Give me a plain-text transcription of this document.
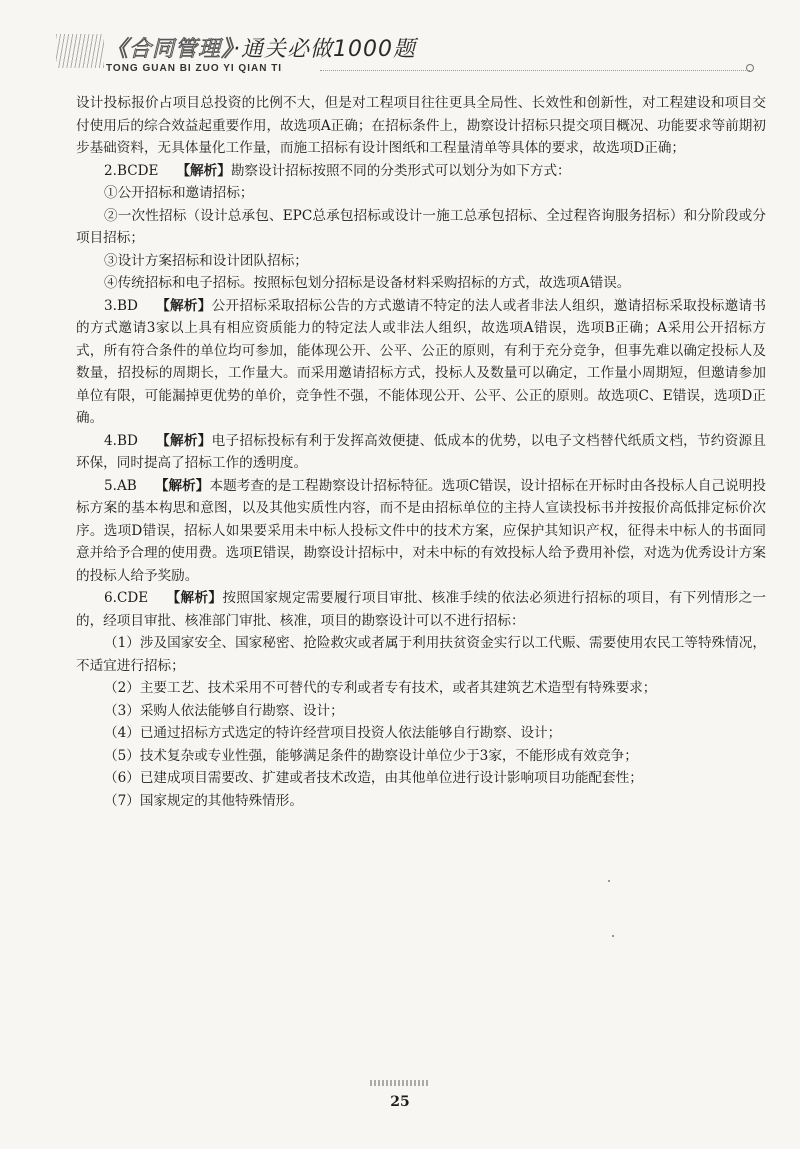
《合同管理》·通关必做1000题
TONG GUAN BI ZUO YI QIAN TI

设计投标报价占项目总投资的比例不大，但是对工程项目往往更具全局性、长效性和创新性，对工程建设和项目交付使用后的综合效益起重要作用，故选项A正确；在招标条件上，勘察设计招标只提交项目概况、功能要求等前期初步基础资料，无具体量化工作量，而施工招标有设计图纸和工程量清单等具体的要求，故选项D正确；

2.BCDE 【解析】勘察设计招标按照不同的分类形式可以划分为如下方式：

①公开招标和邀请招标；

②一次性招标（设计总承包、EPC总承包招标或设计一施工总承包招标、全过程咨询服务招标）和分阶段或分项目招标；

③设计方案招标和设计团队招标；

④传统招标和电子招标。按照标包划分招标是设备材料采购招标的方式，故选项A错误。

3.BD 【解析】公开招标采取招标公告的方式邀请不特定的法人或者非法人组织，邀请招标采取投标邀请书的方式邀请3家以上具有相应资质能力的特定法人或非法人组织，故选项A错误，选项B正确；A采用公开招标方式，所有符合条件的单位均可参加，能体现公开、公平、公正的原则，有利于充分竞争，但事先难以确定投标人及数量，招投标的周期长，工作量大。而采用邀请招标方式，投标人及数量可以确定，工作量小周期短，但邀请参加单位有限，可能漏掉更优势的单价，竞争性不强，不能体现公开、公平、公正的原则。故选项C、E错误，选项D正确。

4.BD 【解析】电子招标投标有利于发挥高效便捷、低成本的优势，以电子文档替代纸质文档，节约资源且环保，同时提高了招标工作的透明度。

5.AB 【解析】本题考查的是工程勘察设计招标特征。选项C错误，设计招标在开标时由各投标人自己说明投标方案的基本构思和意图，以及其他实质性内容，而不是由招标单位的主持人宣读投标书并按报价高低排定标价次序。选项D错误，招标人如果要采用未中标人投标文件中的技术方案，应保护其知识产权，征得未中标人的书面同意并给予合理的使用费。选项E错误，勘察设计招标中，对未中标的有效投标人给予费用补偿，对选为优秀设计方案的投标人给予奖励。

6.CDE 【解析】按照国家规定需要履行项目审批、核准手续的依法必须进行招标的项目，有下列情形之一的，经项目审批、核准部门审批、核准，项目的勘察设计可以不进行招标：

（1）涉及国家安全、国家秘密、抢险救灾或者属于利用扶贫资金实行以工代赈、需要使用农民工等特殊情况，不适宜进行招标；

（2）主要工艺、技术采用不可替代的专利或者专有技术，或者其建筑艺术造型有特殊要求；

（3）采购人依法能够自行勘察、设计；

（4）已通过招标方式选定的特许经营项目投资人依法能够自行勘察、设计；

（5）技术复杂或专业性强，能够满足条件的勘察设计单位少于3家，不能形成有效竞争；

（6）已建成项目需要改、扩建或者技术改造，由其他单位进行设计影响项目功能配套性；

（7）国家规定的其他特殊情形。

25
